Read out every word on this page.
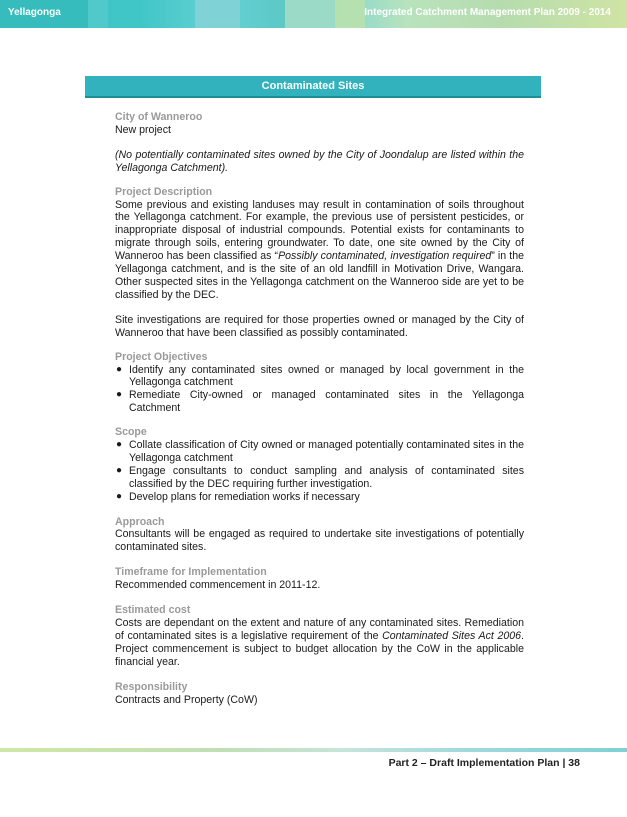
Yellagonga	Integrated Catchment Management Plan 2009 - 2014
Contaminated Sites

City of Wanneroo

New project

(No potentially contaminated sites owned by the City of Joondalup are listed within the Yellagonga Catchment).

Project Description

Some previous and existing landuses may result in contamination of soils throughout the Yellagonga catchment. For example, the previous use of persistent pesticides, or inappropriate disposal of industrial compounds. Potential exists for contaminants to migrate through soils, entering groundwater. To date, one site owned by the City of Wanneroo has been classified as “Possibly contaminated, investigation required” in the Yellagonga catchment, and is the site of an old landfill in Motivation Drive, Wangara. Other suspected sites in the Yellagonga catchment on the Wanneroo side are yet to be classified by the DEC.

Site investigations are required for those properties owned or managed by the City of Wanneroo that have been classified as possibly contaminated.

Project Objectives

● Identify any contaminated sites owned or managed by local government in the Yellagonga catchment
● Remediate City-owned or managed contaminated sites in the Yellagonga Catchment

Scope

● Collate classification of City owned or managed potentially contaminated sites in the Yellagonga catchment
● Engage consultants to conduct sampling and analysis of contaminated sites classified by the DEC requiring further investigation.
● Develop plans for remediation works if necessary

Approach

Consultants will be engaged as required to undertake site investigations of potentially contaminated sites.

Timeframe for Implementation

Recommended commencement in 2011-12.

Estimated cost

Costs are dependant on the extent and nature of any contaminated sites. Remediation of contaminated sites is a legislative requirement of the Contaminated Sites Act 2006. Project commencement is subject to budget allocation by the CoW in the applicable financial year.

Responsibility

Contracts and Property (CoW)

Part 2 – Draft Implementation Plan | 38
